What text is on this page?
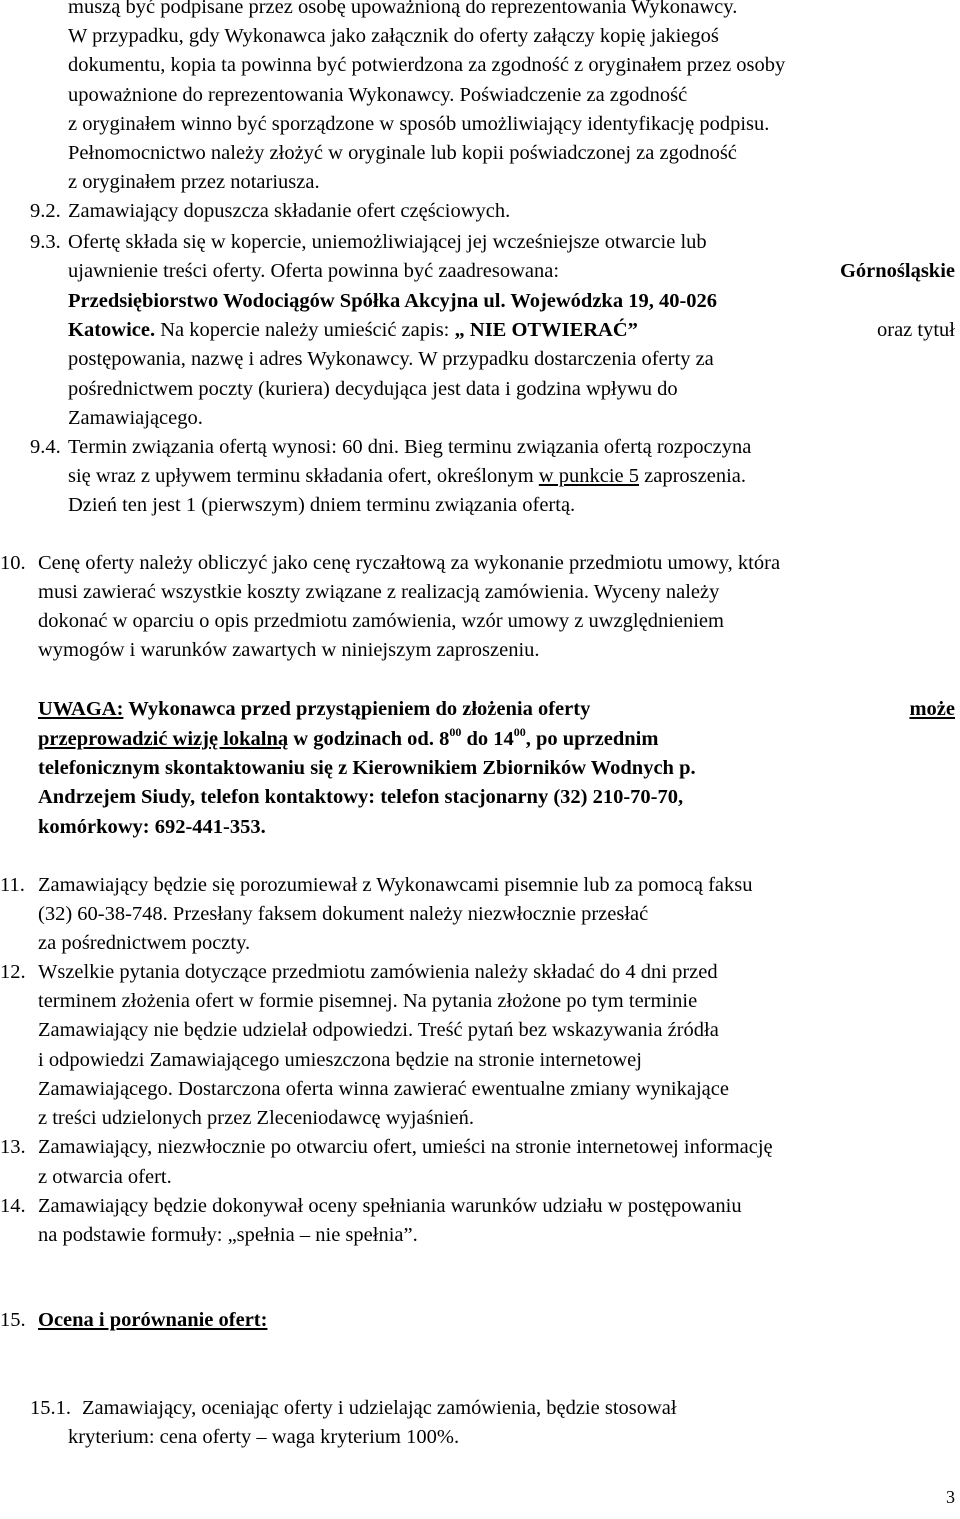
muszą być podpisane przez osobę upoważnioną do reprezentowania Wykonawcy.
W przypadku, gdy Wykonawca jako załącznik do oferty załączy kopię jakiegoś
dokumentu, kopia ta powinna być potwierdzona za zgodność z oryginałem przez osoby
upoważnione do reprezentowania Wykonawcy. Poświadczenie za zgodność
z oryginałem winno być sporządzone w sposób umożliwiający identyfikację podpisu.
Pełnomocnictwo należy złożyć w oryginale lub kopii poświadczonej za zgodność
z oryginałem przez notariusza.
9.2. Zamawiający dopuszcza składanie ofert częściowych.
9.3. Ofertę składa się w kopercie, uniemożliwiającej jej wcześniejsze otwarcie lub
ujawnienie treści oferty. Oferta powinna być zaadresowana:	Górnośląskie
Przedsiębiorstwo Wodociągów Spółka Akcyjna ul. Wojewódzka 19, 40-026
Katowice. Na kopercie należy umieścić zapis: „ NIE OTWIERAĆ”	oraz tytuł
postępowania, nazwę i adres Wykonawcy. W przypadku dostarczenia oferty za
pośrednictwem poczty (kuriera) decydująca jest data i godzina wpływu do
Zamawiającego.
9.4. Termin związania ofertą wynosi: 60 dni. Bieg terminu związania ofertą rozpoczyna
się wraz z upływem terminu składania ofert, określonym w punkcie 5 zaproszenia.
Dzień ten jest 1 (pierwszym) dniem terminu związania ofertą.
10. Cenę oferty należy obliczyć jako cenę ryczałtową za wykonanie przedmiotu umowy, która
musi zawierać wszystkie koszty związane z realizacją zamówienia. Wyceny należy
dokonać w oparciu o opis przedmiotu zamówienia, wzór umowy z uwzględnieniem
wymogów i warunków zawartych w niniejszym zaproszeniu.
UWAGA: Wykonawca przed przystąpieniem do złożenia oferty	może
przeprowadzić wizję lokalną w godzinach od. $8^{00}$ do $14^{00}$, po uprzednim
telefonicznym skontaktowaniu się z Kierownikiem Zbiorników Wodnych p.
Andrzejem Siudy, telefon kontaktowy: telefon stacjonarny (32) 210-70-70,
komórkowy: 692-441-353.
11. Zamawiający będzie się porozumiewał z Wykonawcami pisemnie lub za pomocą faksu
(32) 60-38-748. Przesłany faksem dokument należy niezwłocznie przesłać
za pośrednictwem poczty.
12. Wszelkie pytania dotyczące przedmiotu zamówienia należy składać do 4 dni przed
terminem złożenia ofert w formie pisemnej. Na pytania złożone po tym terminie
Zamawiający nie będzie udzielał odpowiedzi. Treść pytań bez wskazywania źródła
i odpowiedzi Zamawiającego umieszczona będzie na stronie internetowej
Zamawiającego. Dostarczona oferta winna zawierać ewentualne zmiany wynikające
z treści udzielonych przez Zleceniodawcę wyjaśnień.
13. Zamawiający, niezwłocznie po otwarciu ofert, umieści na stronie internetowej informację
z otwarcia ofert.
14. Zamawiający będzie dokonywał oceny spełniania warunków udziału w postępowaniu
na podstawie formuły: „spełnia – nie spełnia”.
15. Ocena i porównanie ofert:
15.1. Zamawiający, oceniając oferty i udzielając zamówienia, będzie stosował
kryterium: cena oferty – waga kryterium 100%.
3
